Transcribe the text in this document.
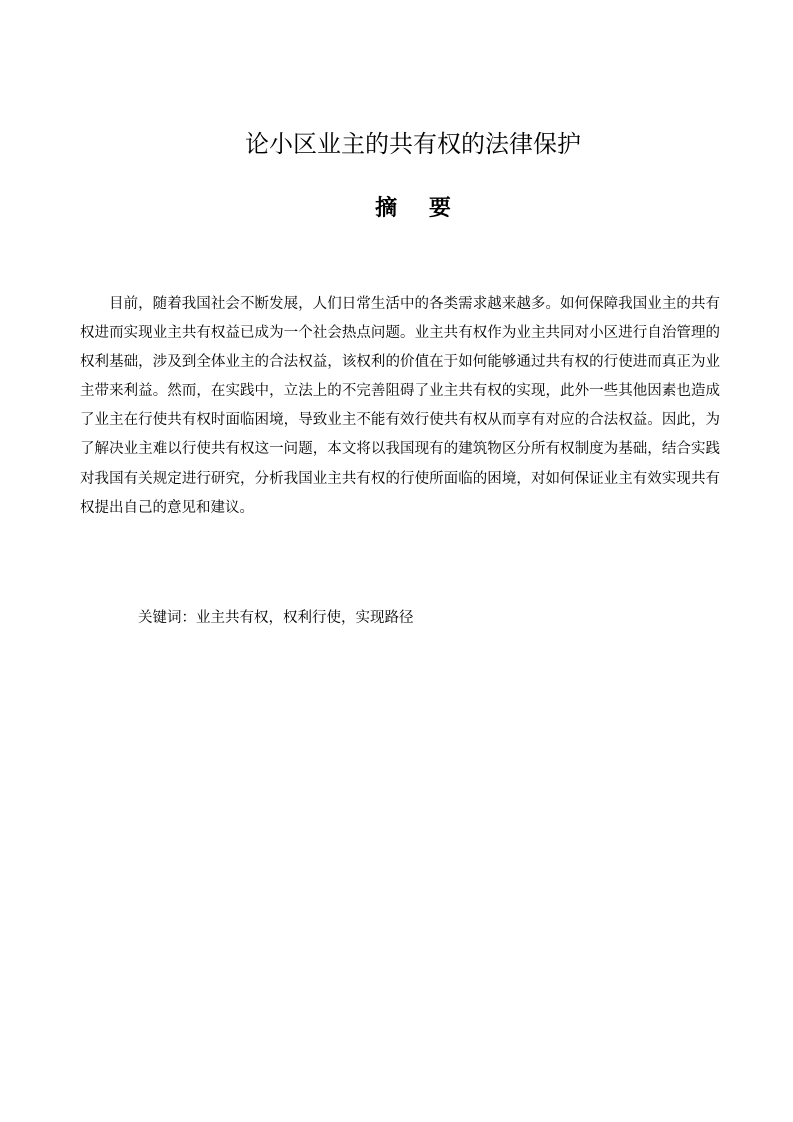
论小区业主的共有权的法律保护
摘 要

目前，随着我国社会不断发展，人们日常生活中的各类需求越来越多。如何保障我国业主的共有权进而实现业主共有权益已成为一个社会热点问题。业主共有权作为业主共同对小区进行自治管理的权利基础，涉及到全体业主的合法权益，该权利的价值在于如何能够通过共有权的行使进而真正为业主带来利益。然而，在实践中，立法上的不完善阻碍了业主共有权的实现，此外一些其他因素也造成了业主在行使共有权时面临困境，导致业主不能有效行使共有权从而享有对应的合法权益。因此，为了解决业主难以行使共有权这一问题，本文将以我国现有的建筑物区分所有权制度为基础，结合实践对我国有关规定进行研究，分析我国业主共有权的行使所面临的困境，对如何保证业主有效实现共有权提出自己的意见和建议。

关键词：业主共有权，权利行使，实现路径
